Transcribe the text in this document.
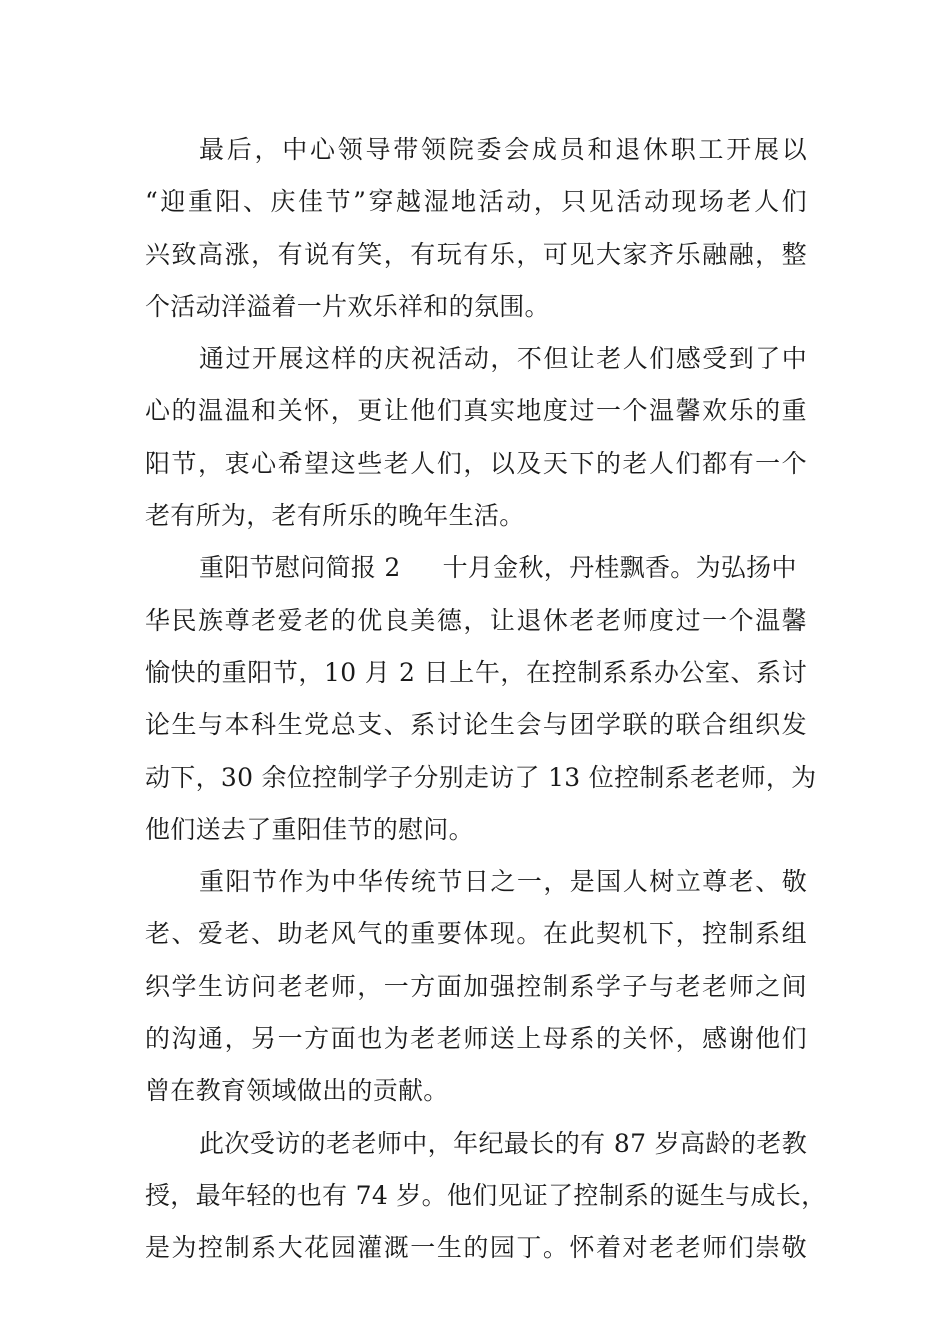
最后，中心领导带领院委会成员和退休职工开展以
“迎重阳、庆佳节”穿越湿地活动，只见活动现场老人们
兴致高涨，有说有笑，有玩有乐，可见大家齐乐融融，整
个活动洋溢着一片欢乐祥和的氛围。
通过开展这样的庆祝活动，不但让老人们感受到了中
心的温温和关怀，更让他们真实地度过一个温馨欢乐的重
阳节，衷心希望这些老人们，以及天下的老人们都有一个
老有所为，老有所乐的晚年生活。
重阳节慰问简报 2 十月金秋，丹桂飘香。为弘扬中
华民族尊老爱老的优良美德，让退休老老师度过一个温馨
愉快的重阳节，10 月 2 日上午，在控制系系办公室、系讨
论生与本科生党总支、系讨论生会与团学联的联合组织发
动下，30 余位控制学子分别走访了 13 位控制系老老师，为
他们送去了重阳佳节的慰问。
重阳节作为中华传统节日之一，是国人树立尊老、敬
老、爱老、助老风气的重要体现。在此契机下，控制系组
织学生访问老老师，一方面加强控制系学子与老老师之间
的沟通，另一方面也为老老师送上母系的关怀，感谢他们
曾在教育领域做出的贡献。
此次受访的老老师中，年纪最长的有 87 岁高龄的老教
授，最年轻的也有 74 岁。他们见证了控制系的诞生与成长，
是为控制系大花园灌溉一生的园丁。怀着对老老师们崇敬
